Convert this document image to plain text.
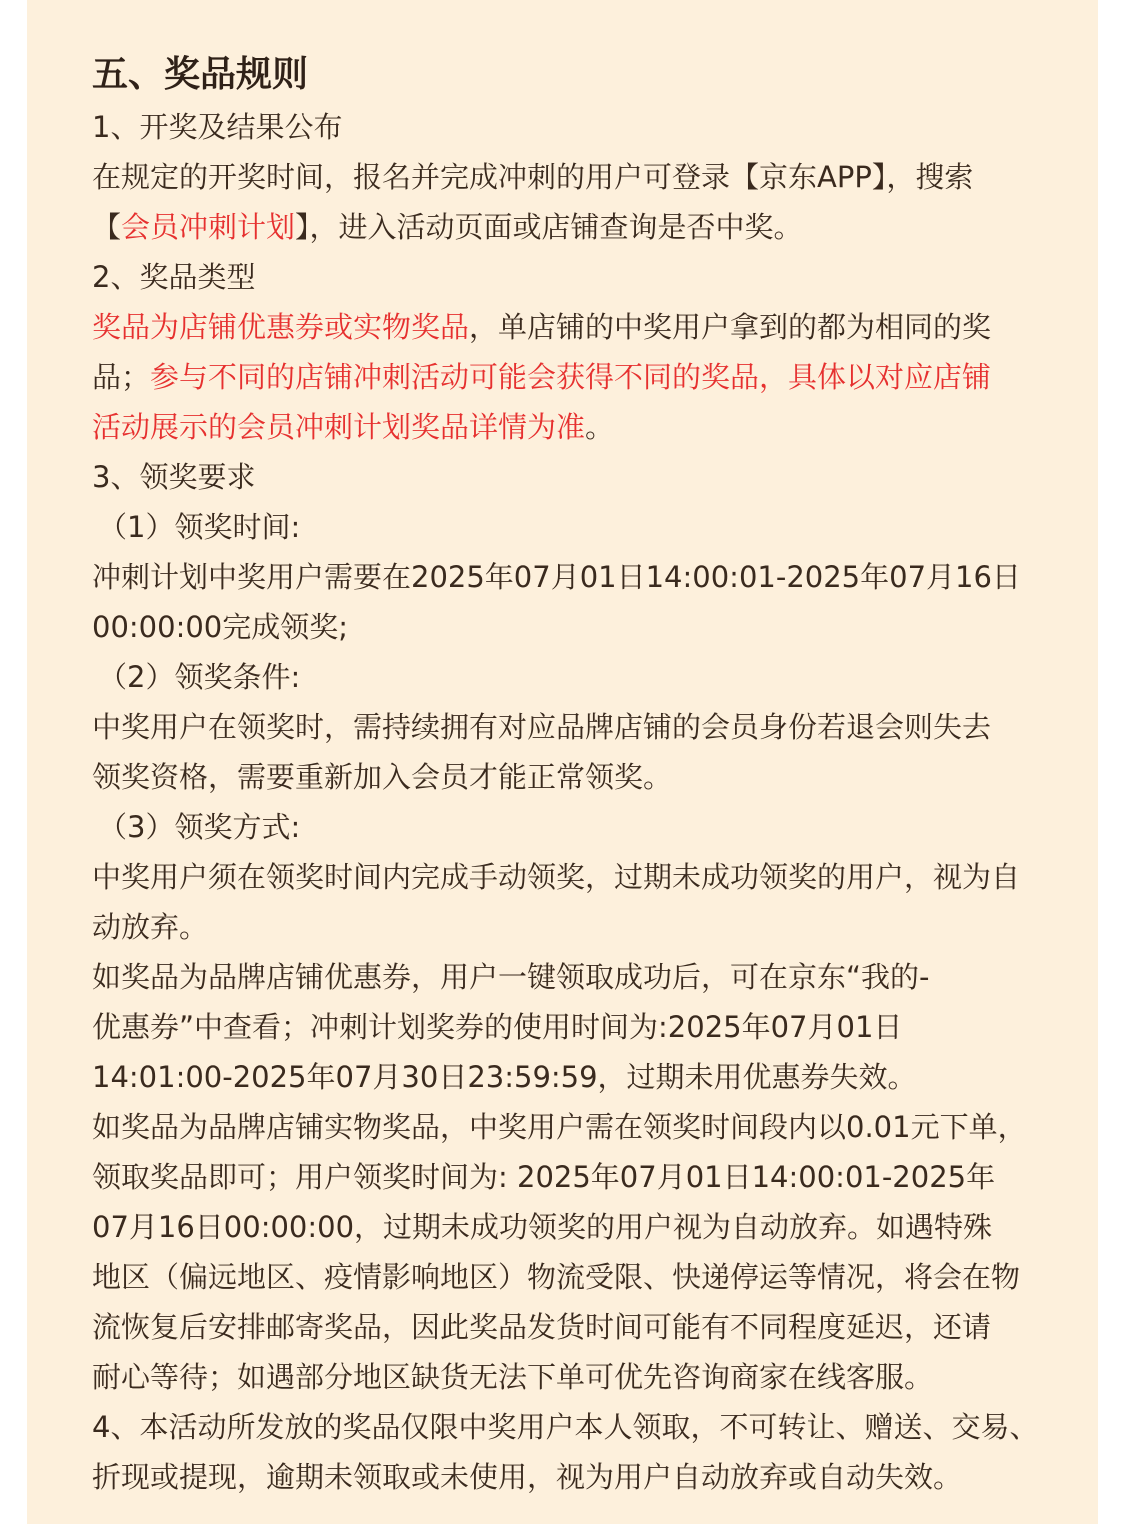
五、奖品规则
1、开奖及结果公布
在规定的开奖时间，报名并完成冲刺的用户可登录【京东APP】，搜索
【会员冲刺计划】，进入活动页面或店铺查询是否中奖。
2、奖品类型
奖品为店铺优惠券或实物奖品，单店铺的中奖用户拿到的都为相同的奖
品；参与不同的店铺冲刺活动可能会获得不同的奖品，具体以对应店铺
活动展示的会员冲刺计划奖品详情为准。
3、领奖要求
（1）领奖时间:
冲刺计划中奖用户需要在2025年07月01日14:00:01-2025年07月16日
00:00:00完成领奖;
（2）领奖条件:
中奖用户在领奖时，需持续拥有对应品牌店铺的会员身份若退会则失去
领奖资格，需要重新加入会员才能正常领奖。
（3）领奖方式:
中奖用户须在领奖时间内完成手动领奖，过期未成功领奖的用户，视为自
动放弃。
如奖品为品牌店铺优惠券，用户一键领取成功后，可在京东“我的-
优惠券”中查看；冲刺计划奖券的使用时间为:2025年07月01日
14:01:00-2025年07月30日23:59:59，过期未用优惠券失效。
如奖品为品牌店铺实物奖品，中奖用户需在领奖时间段内以0.01元下单，
领取奖品即可；用户领奖时间为: 2025年07月01日14:00:01-2025年
07月16日00:00:00，过期未成功领奖的用户视为自动放弃。如遇特殊
地区（偏远地区、疫情影响地区）物流受限、快递停运等情况，将会在物
流恢复后安排邮寄奖品，因此奖品发货时间可能有不同程度延迟，还请
耐心等待；如遇部分地区缺货无法下单可优先咨询商家在线客服。
4、本活动所发放的奖品仅限中奖用户本人领取，不可转让、赠送、交易、
折现或提现，逾期未领取或未使用，视为用户自动放弃或自动失效。
